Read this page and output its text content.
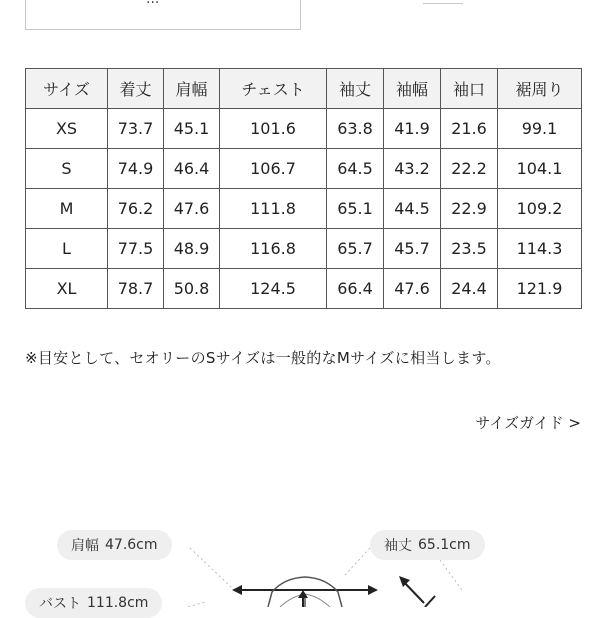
サイズ	着丈	肩幅	チェスト	袖丈	袖幅	袖口	裾周り
XS	73.7	45.1	101.6	63.8	41.9	21.6	99.1
S	74.9	46.4	106.7	64.5	43.2	22.2	104.1
M	76.2	47.6	111.8	65.1	44.5	22.9	109.2
L	77.5	48.9	116.8	65.7	45.7	23.5	114.3
XL	78.7	50.8	124.5	66.4	47.6	24.4	121.9
※目安として、セオリーのSサイズは一般的なMサイズに相当します。
サイズガイド >
肩幅 47.6cm	袖丈 65.1cm
バスト 111.8cm
